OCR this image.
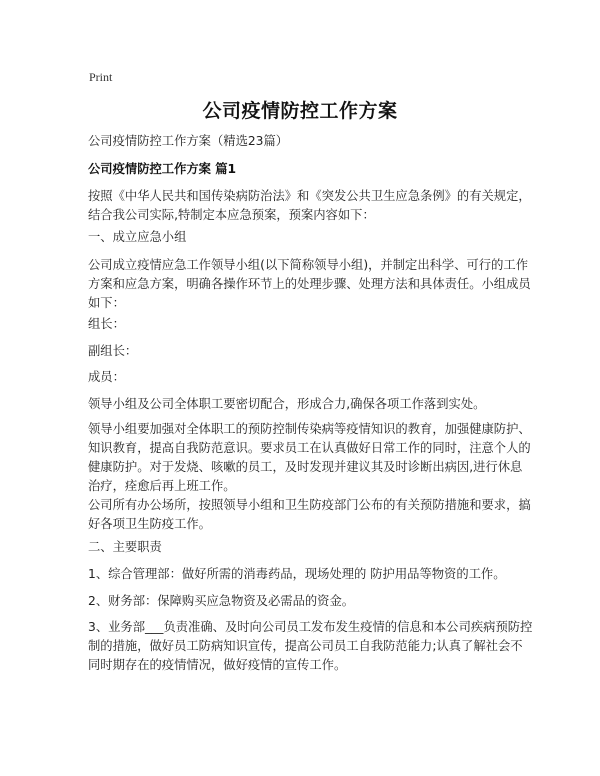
Print
公司疫情防控工作方案
公司疫情防控工作方案（精选23篇）
公司疫情防控工作方案 篇1
按照《中华人民共和国传染病防治法》和《突发公共卫生应急条例》的有关规定，
结合我公司实际,特制定本应急预案，预案内容如下：
一、成立应急小组
公司成立疫情应急工作领导小组(以下简称领导小组)，并制定出科学、可行的工作
方案和应急方案，明确各操作环节上的处理步骤、处理方法和具体责任。小组成员
如下：
组长：
副组长：
成员：
领导小组及公司全体职工要密切配合，形成合力,确保各项工作落到实处。
领导小组要加强对全体职工的预防控制传染病等疫情知识的教育，加强健康防护、
知识教育，提高自我防范意识。要求员工在认真做好日常工作的同时，注意个人的
健康防护。对于发烧、咳嗽的员工，及时发现并建议其及时诊断出病因,进行休息
治疗，痊愈后再上班工作。
公司所有办公场所，按照领导小组和卫生防疫部门公布的有关预防措施和要求，搞
好各项卫生防疫工作。
二、主要职责
1、综合管理部：做好所需的消毒药品，现场处理的 防护用品等物资的工作。
2、财务部：保障购买应急物资及必需品的资金。
3、业务部___负责准确、及时向公司员工发布发生疫情的信息和本公司疾病预防控
制的措施，做好员工防病知识宣传，提高公司员工自我防范能力;认真了解社会不
同时期存在的疫情情况，做好疫情的宣传工作。
